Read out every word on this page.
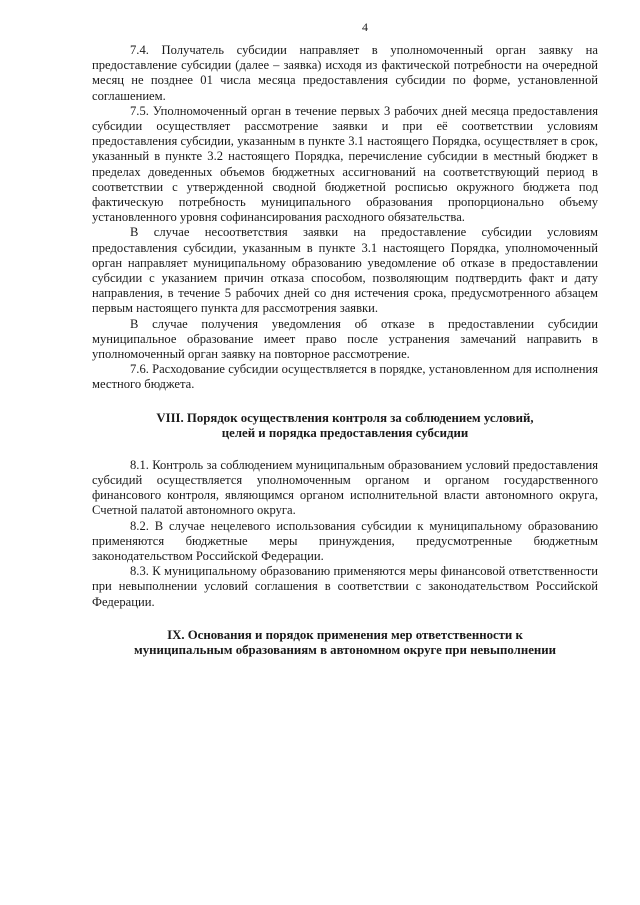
4

7.4. Получатель субсидии направляет в уполномоченный орган заявку на предоставление субсидии (далее – заявка) исходя из фактической потребности на очередной месяц не позднее 01 числа месяца предоставления субсидии по форме, установленной соглашением.

7.5. Уполномоченный орган в течение первых 3 рабочих дней месяца предоставления субсидии осуществляет рассмотрение заявки и при её соответствии условиям предоставления субсидии, указанным в пункте 3.1 настоящего Порядка, осуществляет в срок, указанный в пункте 3.2 настоящего Порядка, перечисление субсидии в местный бюджет в пределах доведенных объемов бюджетных ассигнований на соответствующий период в соответствии с утвержденной сводной бюджетной росписью окружного бюджета под фактическую потребность муниципального образования пропорционально объему установленного уровня софинансирования расходного обязательства.

В случае несоответствия заявки на предоставление субсидии условиям предоставления субсидии, указанным в пункте 3.1 настоящего Порядка, уполномоченный орган направляет муниципальному образованию уведомление об отказе в предоставлении субсидии с указанием причин отказа способом, позволяющим подтвердить факт и дату направления, в течение 5 рабочих дней со дня истечения срока, предусмотренного абзацем первым настоящего пункта для рассмотрения заявки.

В случае получения уведомления об отказе в предоставлении субсидии муниципальное образование имеет право после устранения замечаний направить в уполномоченный орган заявку на повторное рассмотрение.

7.6. Расходование субсидии осуществляется в порядке, установленном для исполнения местного бюджета.

VIII. Порядок осуществления контроля за соблюдением условий,
целей и порядка предоставления субсидии

8.1. Контроль за соблюдением муниципальным образованием условий предоставления субсидий осуществляется уполномоченным органом и органом государственного финансового контроля, являющимся органом исполнительной власти автономного округа, Счетной палатой автономного округа.

8.2. В случае нецелевого использования субсидии к муниципальному образованию применяются бюджетные меры принуждения, предусмотренные бюджетным законодательством Российской Федерации.

8.3. К муниципальному образованию применяются меры финансовой ответственности при невыполнении условий соглашения в соответствии с законодательством Российской Федерации.

IX. Основания и порядок применения мер ответственности к
муниципальным образованиям в автономном округе при невыполнении
